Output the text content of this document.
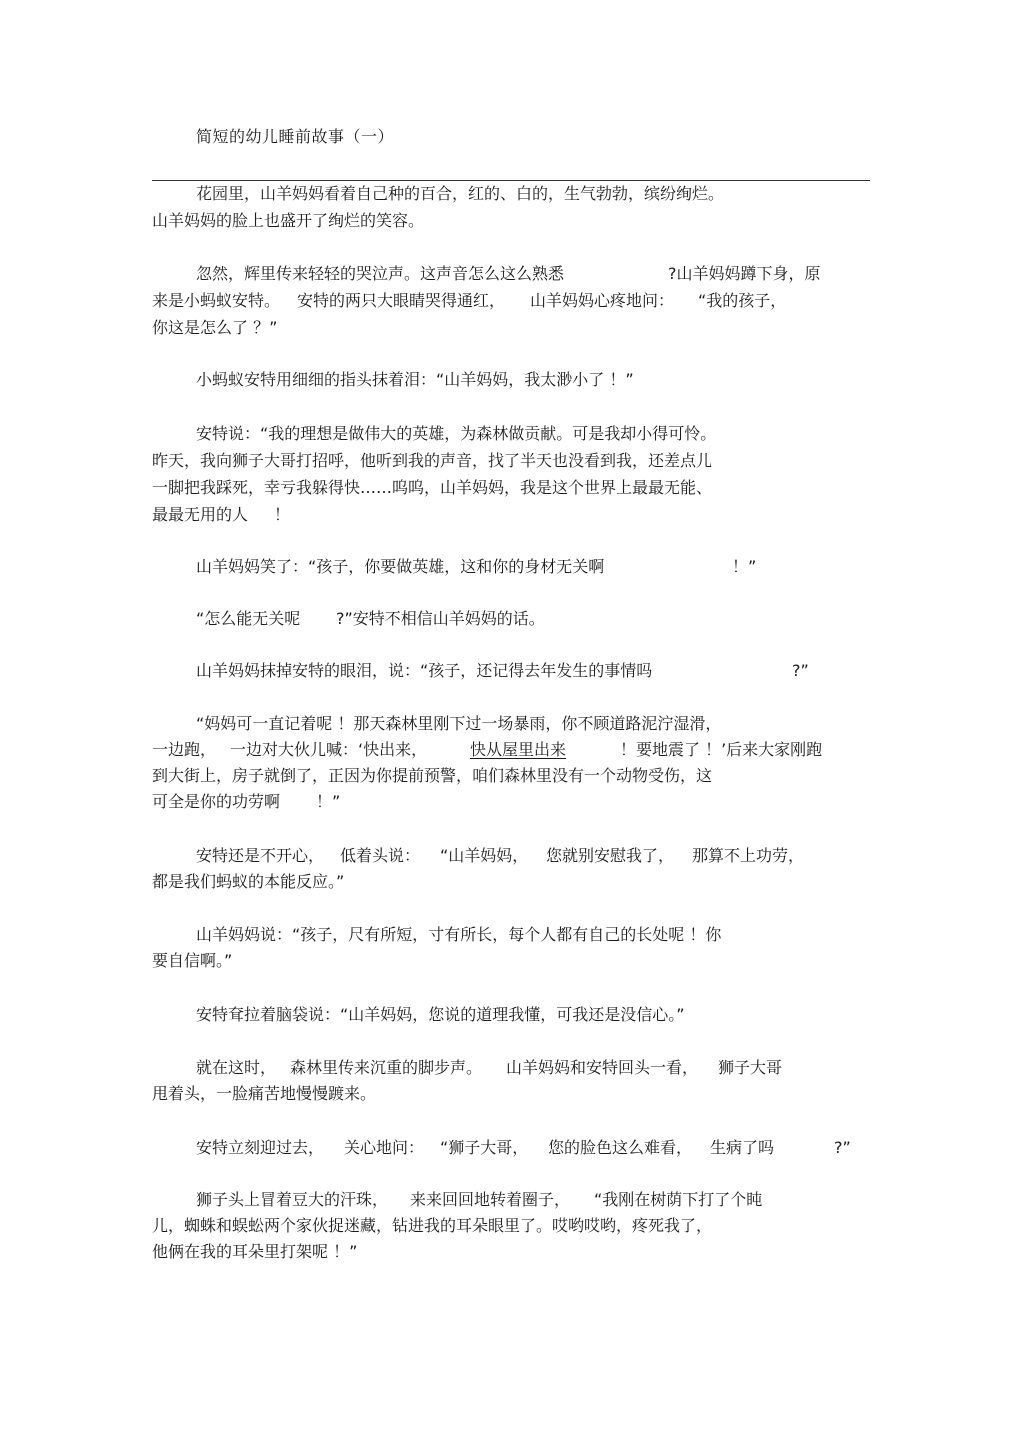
简短的幼儿睡前故事（一）
花园里，山羊妈妈看着自己种的百合，红的、白的，生气勃勃，缤纷绚烂。
山羊妈妈的脸上也盛开了绚烂的笑容。
忽然，辉里传来轻轻的哭泣声。这声音怎么这么熟悉	?山羊妈妈蹲下身，原
来是小蚂蚁安特。 安特的两只大眼睛哭得通红， 山羊妈妈心疼地问： “我的孩子，
你这是怎么了 ？”
小蚂蚁安特用细细的指头抹着泪：“山羊妈妈，我太渺小了 ！”
安特说：“我的理想是做伟大的英雄，为森林做贡献。可是我却小得可怜。
昨天，我向狮子大哥打招呼，他听到我的声音，找了半天也没看到我，还差点儿
一脚把我踩死，幸亏我躲得快……呜呜，山羊妈妈，我是这个世界上最最无能、
最最无用的人 ！
山羊妈妈笑了：“孩子，你要做英雄，这和你的身材无关啊	！”
“怎么能无关呢 ?”安特不相信山羊妈妈的话。
山羊妈妈抹掉安特的眼泪，说：“孩子，还记得去年发生的事情吗	?”
“妈妈可一直记着呢 ！那天森林里刚下过一场暴雨，你不顾道路泥泞湿滑，
一边跑， 一边对大伙儿喊：‘快出来，	快从屋里出来	！要地震了 ！’后来大家刚跑
到大街上，房子就倒了，正因为你提前预警，咱们森林里没有一个动物受伤，这
可全是你的功劳啊 ！”
安特还是不开心， 低着头说： “山羊妈妈， 您就别安慰我了， 那算不上功劳，
都是我们蚂蚁的本能反应。”
山羊妈妈说：“孩子，尺有所短，寸有所长，每个人都有自己的长处呢 ！你
要自信啊。”
安特耷拉着脑袋说：“山羊妈妈，您说的道理我懂，可我还是没信心。”
就在这时， 森林里传来沉重的脚步声。 山羊妈妈和安特回头一看， 狮子大哥
甩着头，一脸痛苦地慢慢踱来。
安特立刻迎过去， 关心地问： “狮子大哥， 您的脸色这么难看， 生病了吗	?”
狮子头上冒着豆大的汗珠， 来来回回地转着圈子， “我刚在树荫下打了个盹
儿，蜘蛛和蜈蚣两个家伙捉迷藏，钻进我的耳朵眼里了。哎哟哎哟，疼死我了，
他俩在我的耳朵里打架呢 ！”
